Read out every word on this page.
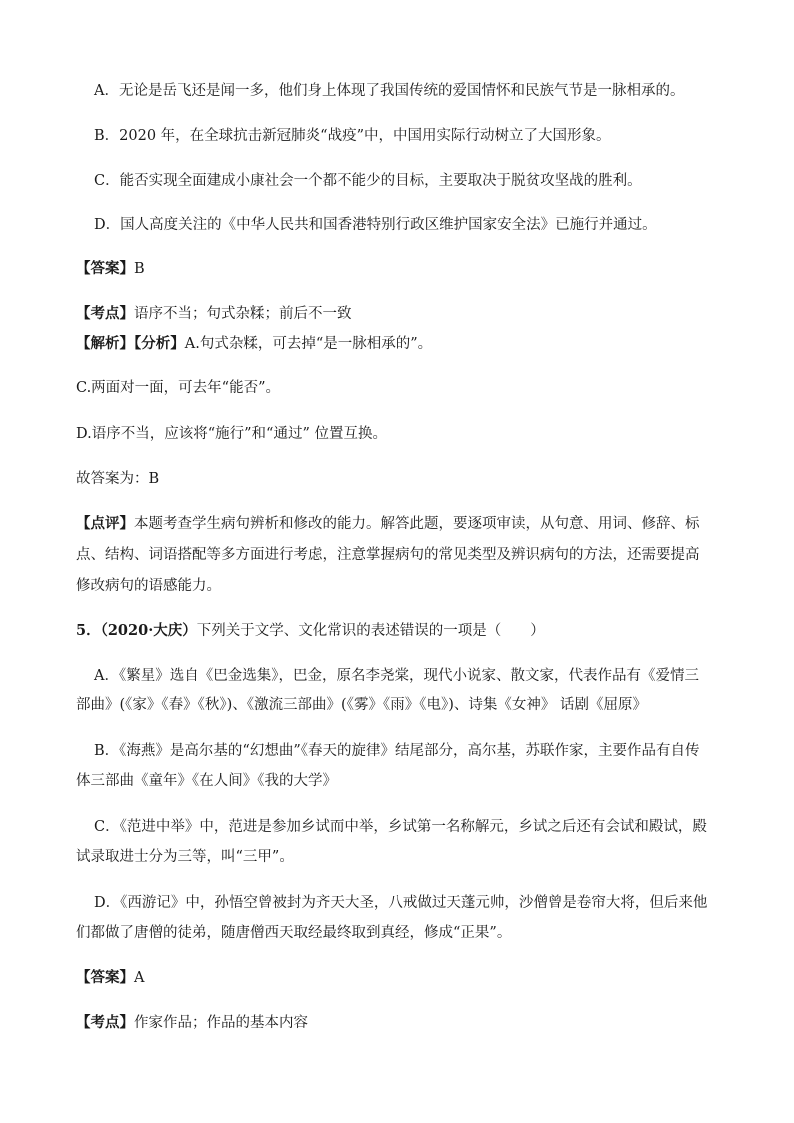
A．无论是岳飞还是闻一多，他们身上体现了我国传统的爱国情怀和民族气节是一脉相承的。
B．2020 年，在全球抗击新冠肺炎“战疫”中，中国用实际行动树立了大国形象。
C．能否实现全面建成小康社会一个都不能少的目标，主要取决于脱贫攻坚战的胜利。
D．国人高度关注的《中华人民共和国香港特别行政区维护国家安全法》已施行并通过。
【答案】B
【考点】语序不当；句式杂糅；前后不一致
【解析】【分析】A.句式杂糅，可去掉“是一脉相承的”。
C.两面对一面，可去年“能否”。
D.语序不当，应该将“施行”和“通过” 位置互换。
故答案为：B
【点评】本题考查学生病句辨析和修改的能力。解答此题，要逐项审读，从句意、用词、修辞、标
点、结构、词语搭配等多方面进行考虑，注意掌握病句的常见类型及辨识病句的方法，还需要提高
修改病句的语感能力。
5．（2020·大庆）下列关于文学、文化常识的表述错误的一项是（　　）
A．《繁星》选自《巴金选集》，巴金，原名李尧棠，现代小说家、散文家，代表作品有《爱情三
部曲》(《家》《春》《秋》)、《激流三部曲》(《雾》《雨》《电》)、诗集《女神》 话剧《屈原》
B．《海燕》是高尔基的“幻想曲”《春天的旋律》结尾部分，高尔基，苏联作家，主要作品有自传
体三部曲《童年》《在人间》《我的大学》
C．《范进中举》中，范进是参加乡试而中举，乡试第一名称解元，乡试之后还有会试和殿试，殿
试录取进士分为三等，叫“三甲”。
D．《西游记》中，孙悟空曾被封为齐天大圣，八戒做过天蓬元帅，沙僧曾是卷帘大将，但后来他
们都做了唐僧的徒弟，随唐僧西天取经最终取到真经，修成“正果”。
【答案】A
【考点】作家作品；作品的基本内容
